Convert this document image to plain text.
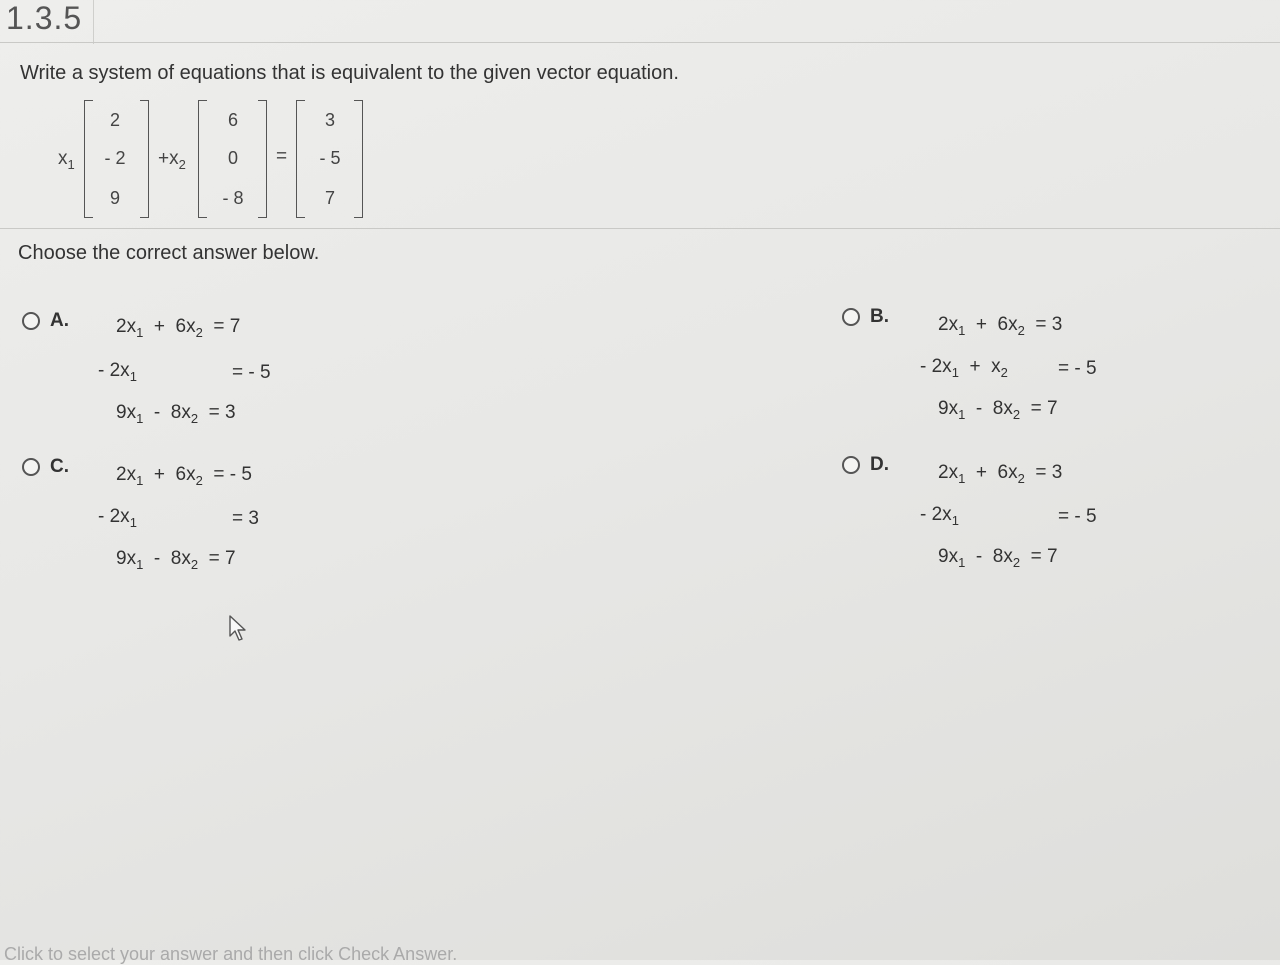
1.3.5
Write a system of equations that is equivalent to the given vector equation.
$x_1$
2
- 2
9
$+x_2$
6
0
- 8
=
3
- 5
7
Choose the correct answer below.
A. $2x_1 + 6x_2 = 7$
- $2x_1$	= - 5
$9x_1 - 8x_2 = 3$
B.	$2x_1 + 6x_2 = 3$
- $2x_1 + x_2$	= - 5
$9x_1 - 8x_2 = 7$
C. $2x_1 + 6x_2$ = - 5
- $2x_1$	= 3
$9x_1 - 8x_2 = 7$
D.	$2x_1 + 6x_2 = 3$
- $2x_1$	= - 5
$9x_1 - 8x_2 = 7$
Click to select your answer and then click Check Answer.
